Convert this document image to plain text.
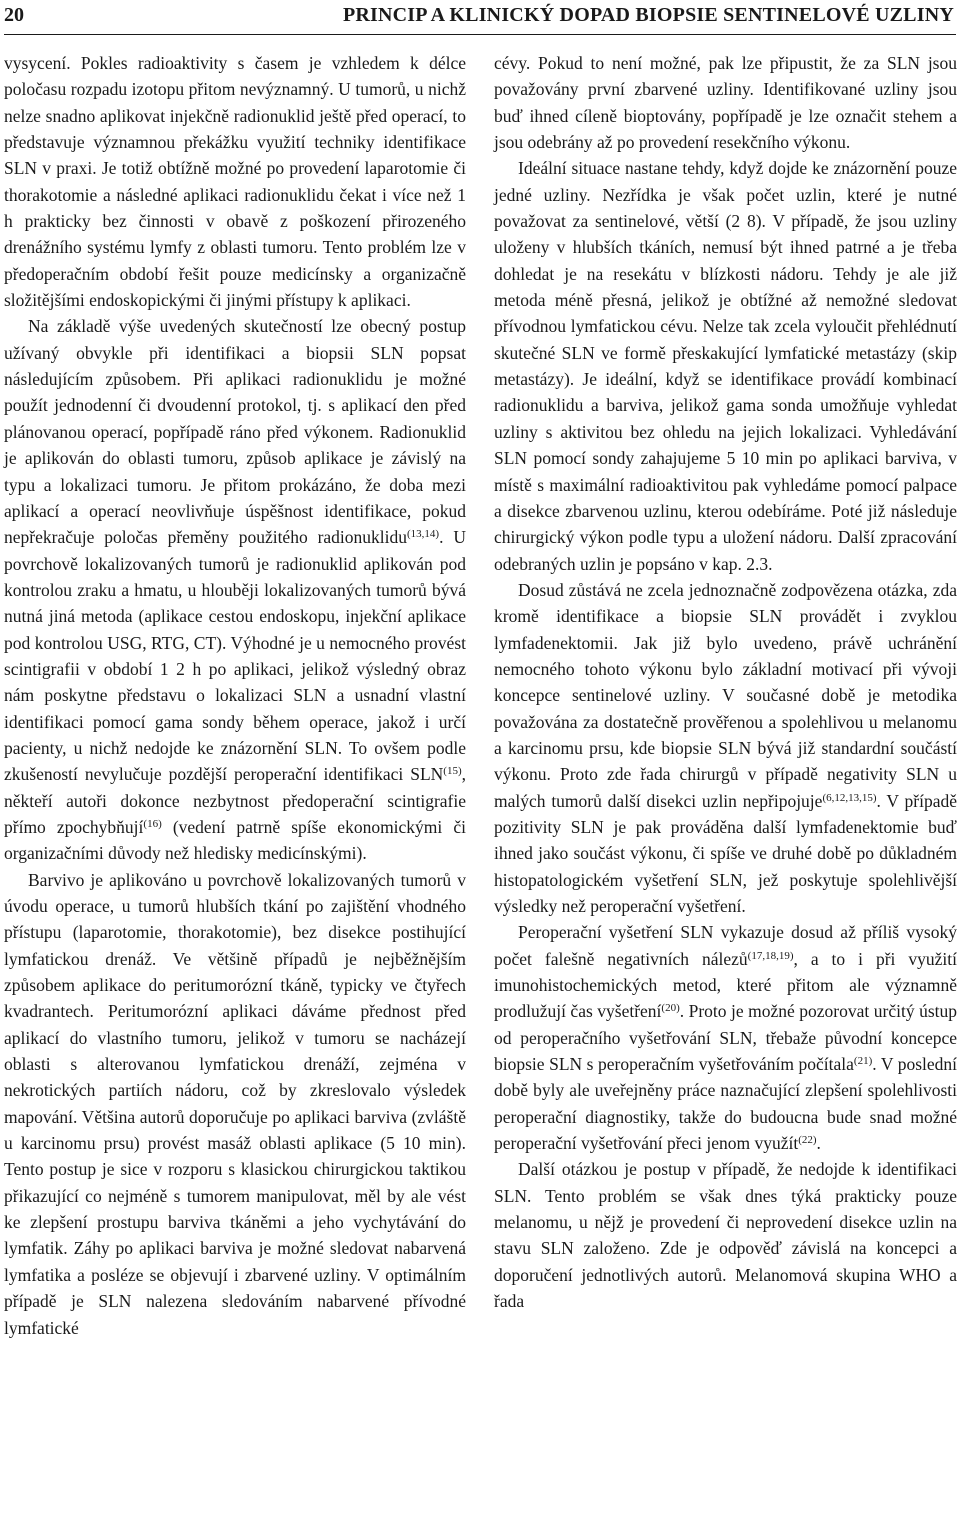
20	PRINCIP A KLINICKÝ DOPAD BIOPSIE SENTINELOVÉ UZLINY

vysycení. Pokles radioaktivity s časem je vzhledem k délce poločasu rozpadu izotopu přitom nevýznamný. U tumorů, u nichž nelze snadno aplikovat injekčně radionuklid ještě před operací, to představuje významnou překážku využití techniky identifikace SLN v praxi. Je totiž obtížně možné po provedení laparotomie či thorakotomie a následné aplikaci radionuklidu čekat i více než 1 h prakticky bez činnosti v obavě z poškození přirozeného drenážního systému lymfy z oblasti tumoru. Tento problém lze v předoperačním období řešit pouze medicínsky a organizačně složitějšími endoskopickými či jinými přístupy k aplikaci.

Na základě výše uvedených skutečností lze obecný postup užívaný obvykle při identifikaci a biopsii SLN popsat následujícím způsobem. Při aplikaci radionuklidu je možné použít jednodenní či dvoudenní protokol, tj. s aplikací den před plánovanou operací, popřípadě ráno před výkonem. Radionuklid je aplikován do oblasti tumoru, způsob aplikace je závislý na typu a lokalizaci tumoru. Je přitom prokázáno, že doba mezi aplikací a operací neovlivňuje úspěšnost identifikace, pokud nepřekračuje poločas přeměny použitého radionuklidu$^{(13,14)}$. U povrchově lokalizovaných tumorů je radionuklid aplikován pod kontrolou zraku a hmatu, u hlouběji lokalizovaných tumorů bývá nutná jiná metoda (aplikace cestou endoskopu, injekční aplikace pod kontrolou USG, RTG, CT). Výhodné je u nemocného provést scintigrafii v období 1 2 h po aplikaci, jelikož výsledný obraz nám poskytne představu o lokalizaci SLN a usnadní vlastní identifikaci pomocí gama sondy během operace, jakož i určí pacienty, u nichž nedojde ke znázornění SLN. To ovšem podle zkušeností nevylučuje pozdější peroperační identifikaci SLN$^{(15)}$, někteří autoři dokonce nezbytnost předoperační scintigrafie přímo zpochybňují$^{(16)}$ (vedení patrně spíše ekonomickými či organizačními důvody než hledisky medicínskými).

Barvivo je aplikováno u povrchově lokalizovaných tumorů v úvodu operace, u tumorů hlubších tkání po zajištění vhodného přístupu (laparotomie, thorakotomie), bez disekce postihující lymfatickou drenáž. Ve většině případů je nejběžnějším způsobem aplikace do peritumorózní tkáně, typicky ve čtyřech kvadrantech. Peritumorózní aplikaci dáváme přednost před aplikací do vlastního tumoru, jelikož v tumoru se nacházejí oblasti s alterovanou lymfatickou drenáží, zejména v nekrotických partiích nádoru, což by zkreslovalo výsledek mapování. Většina autorů doporučuje po aplikaci barviva (zvláště u karcinomu prsu) provést masáž oblasti aplikace (5 10 min). Tento postup je sice v rozporu s klasickou chirurgickou taktikou přikazující co nejméně s tumorem manipulovat, měl by ale vést ke zlepšení prostupu barviva tkáněmi a jeho vychytávání do lymfatik. Záhy po aplikaci barviva je možné sledovat nabarvená lymfatika a posléze se objevují i zbarvené uzliny. V optimálním případě je SLN nalezena sledováním nabarvené přívodné lymfatické

cévy. Pokud to není možné, pak lze připustit, že za SLN jsou považovány první zbarvené uzliny. Identifikované uzliny jsou buď ihned cíleně bioptovány, popřípadě je lze označit stehem a jsou odebrány až po provedení resekčního výkonu.

Ideální situace nastane tehdy, když dojde ke znázornění pouze jedné uzliny. Nezřídka je však počet uzlin, které je nutné považovat za sentinelové, větší (2 8). V případě, že jsou uzliny uloženy v hlubších tkáních, nemusí být ihned patrné a je třeba dohledat je na resekátu v blízkosti nádoru. Tehdy je ale již metoda méně přesná, jelikož je obtížné až nemožné sledovat přívodnou lymfatickou cévu. Nelze tak zcela vyloučit přehlédnutí skutečné SLN ve formě přeskakující lymfatické metastázy (skip metastázy). Je ideální, když se identifikace provádí kombinací radionuklidu a barviva, jelikož gama sonda umožňuje vyhledat uzliny s aktivitou bez ohledu na jejich lokalizaci. Vyhledávání SLN pomocí sondy zahajujeme 5 10 min po aplikaci barviva, v místě s maximální radioaktivitou pak vyhledáme pomocí palpace a disekce zbarvenou uzlinu, kterou odebíráme. Poté již následuje chirurgický výkon podle typu a uložení nádoru. Další zpracování odebraných uzlin je popsáno v kap. 2.3.

Dosud zůstává ne zcela jednoznačně zodpovězena otázka, zda kromě identifikace a biopsie SLN provádět i zvyklou lymfadenektomii. Jak již bylo uvedeno, právě uchránění nemocného tohoto výkonu bylo základní motivací při vývoji koncepce sentinelové uzliny. V současné době je metodika považována za dostatečně prověřenou a spolehlivou u melanomu a karcinomu prsu, kde biopsie SLN bývá již standardní součástí výkonu. Proto zde řada chirurgů v případě negativity SLN u malých tumorů další disekci uzlin nepřipojuje$^{(6,12,13,15)}$. V případě pozitivity SLN je pak prováděna další lymfadenektomie buď ihned jako součást výkonu, či spíše ve druhé době po důkladném histopatologickém vyšetření SLN, jež poskytuje spolehlivější výsledky než peroperační vyšetření.

Peroperační vyšetření SLN vykazuje dosud až příliš vysoký počet falešně negativních nálezů$^{(17,18,19)}$, a to i při využití imunohistochemických metod, které přitom ale významně prodlužují čas vyšetření$^{(20)}$. Proto je možné pozorovat určitý ústup od peroperačního vyšetřování SLN, třebaže původní koncepce biopsie SLN s peroperačním vyšetřováním počítala$^{(21)}$. V poslední době byly ale uveřejněny práce naznačující zlepšení spolehlivosti peroperační diagnostiky, takže do budoucna bude snad možné peroperační vyšetřování přeci jenom využít$^{(22)}$.

Další otázkou je postup v případě, že nedojde k identifikaci SLN. Tento problém se však dnes týká prakticky pouze melanomu, u nějž je provedení či neprovedení disekce uzlin na stavu SLN založeno. Zde je odpověď závislá na koncepci a doporučení jednotlivých autorů. Melanomová skupina WHO a řada
